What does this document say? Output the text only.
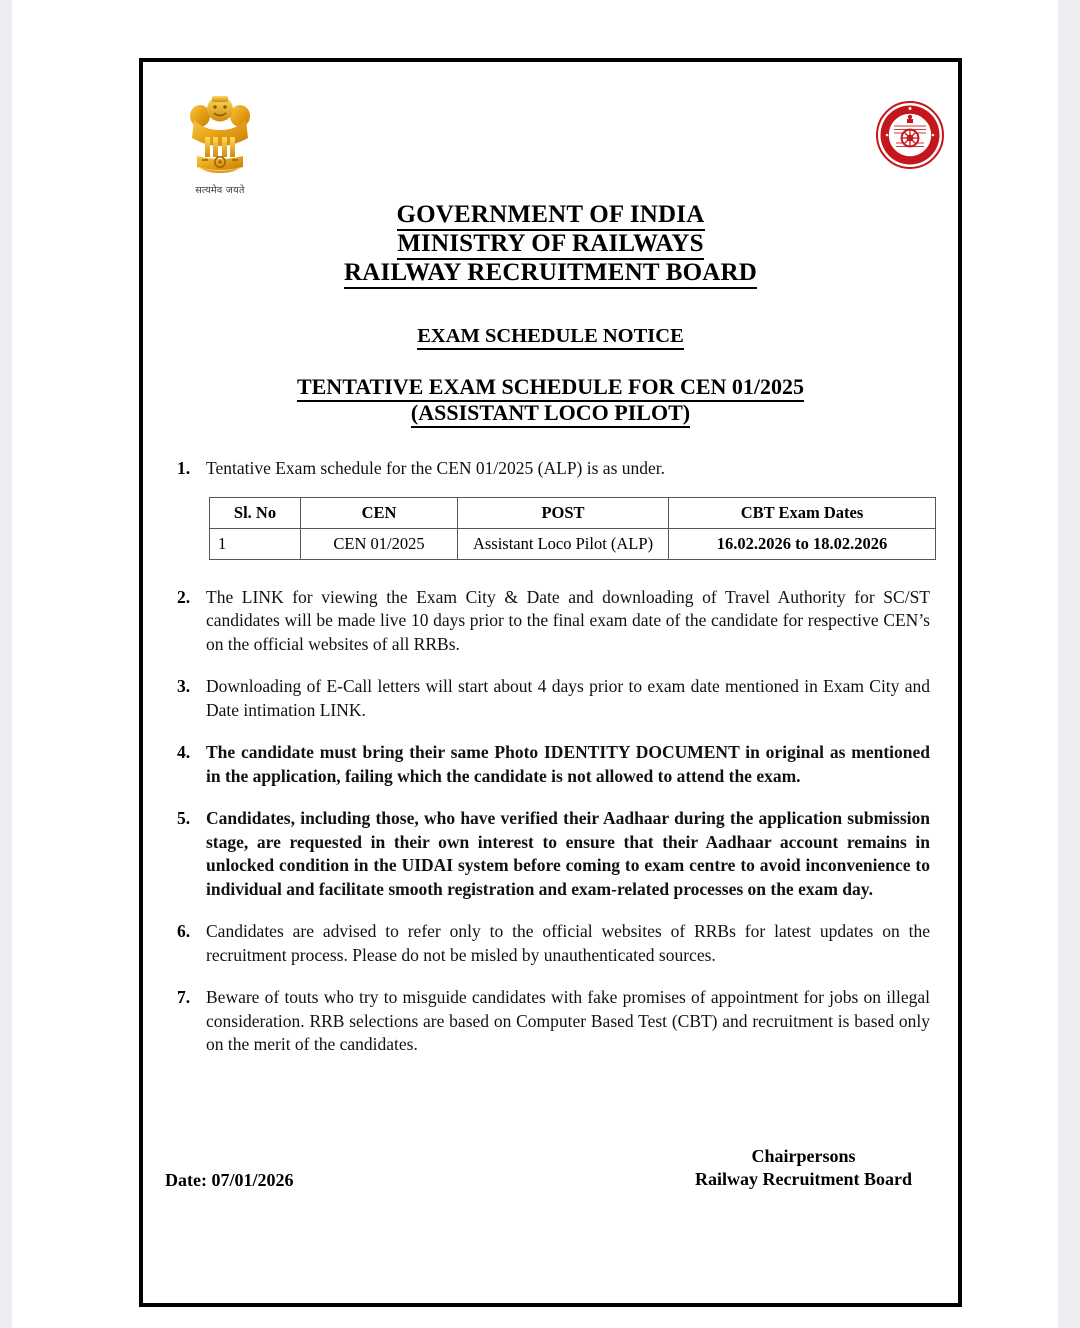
सत्यमेव जयते
GOVERNMENT OF INDIA
MINISTRY OF RAILWAYS
RAILWAY RECRUITMENT BOARD
EXAM SCHEDULE NOTICE
TENTATIVE EXAM SCHEDULE FOR CEN 01/2025
(ASSISTANT LOCO PILOT)
1. Tentative Exam schedule for the CEN 01/2025 (ALP) is as under.
Sl. No	CEN	POST	CBT Exam Dates
1	CEN 01/2025	Assistant Loco Pilot (ALP)	16.02.2026 to 18.02.2026
2. The LINK for viewing the Exam City & Date and downloading of Travel Authority for SC/ST candidates will be made live 10 days prior to the final exam date of the candidate for respective CEN’s on the official websites of all RRBs.
3. Downloading of E-Call letters will start about 4 days prior to exam date mentioned in Exam City and Date intimation LINK.
4. The candidate must bring their same Photo IDENTITY DOCUMENT in original as mentioned in the application, failing which the candidate is not allowed to attend the exam.
5. Candidates, including those, who have verified their Aadhaar during the application submission stage, are requested in their own interest to ensure that their Aadhaar account remains in unlocked condition in the UIDAI system before coming to exam centre to avoid inconvenience to individual and facilitate smooth registration and exam-related processes on the exam day.
6. Candidates are advised to refer only to the official websites of RRBs for latest updates on the recruitment process. Please do not be misled by unauthenticated sources.
7. Beware of touts who try to misguide candidates with fake promises of appointment for jobs on illegal consideration. RRB selections are based on Computer Based Test (CBT) and recruitment is based only on the merit of the candidates.
Date: 07/01/2026
Chairpersons
Railway Recruitment Board
